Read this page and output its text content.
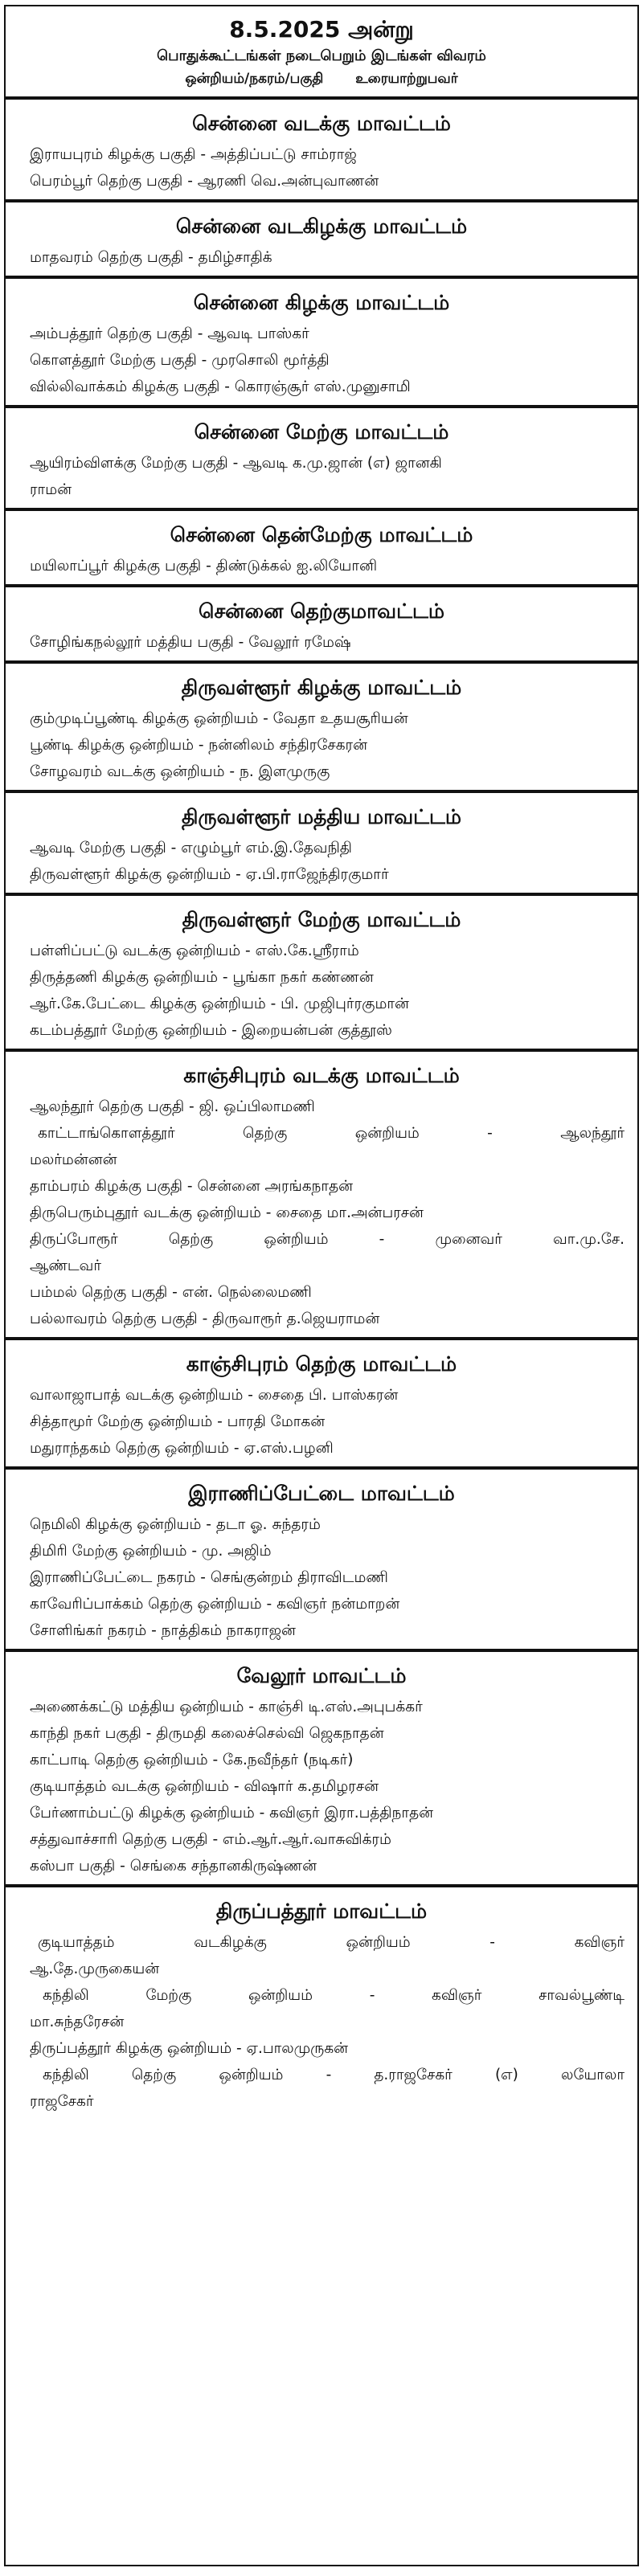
8.5.2025 அன்று
பொதுக்கூட்டங்கள் நடைபெறும் இடங்கள் விவரம்
ஒன்றியம்/நகரம்/பகுதி உரையாற்றுபவர்
சென்னை வடக்கு மாவட்டம்
இராயபுரம் கிழக்கு பகுதி - அத்திப்பட்டு சாம்ராஜ்
பெரம்பூர் தெற்கு பகுதி - ஆரணி வெ.அன்புவாணன்
சென்னை வடகிழக்கு மாவட்டம்
மாதவரம் தெற்கு பகுதி - தமிழ்சாதிக்
சென்னை கிழக்கு மாவட்டம்
அம்பத்தூர் தெற்கு பகுதி - ஆவடி பாஸ்கர்
கொளத்தூர் மேற்கு பகுதி - முரசொலி மூர்த்தி
வில்லிவாக்கம் கிழக்கு பகுதி - கொரஞ்சூர் எஸ்.முனுசாமி
சென்னை மேற்கு மாவட்டம்
ஆயிரம்விளக்கு மேற்கு பகுதி - ஆவடி க.மு.ஜான் (எ) ஜானகி
ராமன்
சென்னை தென்மேற்கு மாவட்டம்
மயிலாப்பூர் கிழக்கு பகுதி - திண்டுக்கல் ஐ.லியோனி
சென்னை தெற்குமாவட்டம்
சோழிங்கநல்லூர் மத்திய பகுதி - வேலூர் ரமேஷ்
திருவள்ளூர் கிழக்கு மாவட்டம்
கும்முடிப்பூண்டி கிழக்கு ஒன்றியம் - வேதா உதயசூரியன்
பூண்டி கிழக்கு ஒன்றியம் - நன்னிலம் சந்திரசேகரன்
சோழவரம் வடக்கு ஒன்றியம் - ந. இளமுருகு
திருவள்ளூர் மத்திய மாவட்டம்
ஆவடி மேற்கு பகுதி - எழும்பூர் எம்.இ.தேவநிதி
திருவள்ளூர் கிழக்கு ஒன்றியம் - ஏ.பி.ராஜேந்திரகுமார்
திருவள்ளூர் மேற்கு மாவட்டம்
பள்ளிப்பட்டு வடக்கு ஒன்றியம் - எஸ்.கே.ஸ்ரீராம்
திருத்தணி கிழக்கு ஒன்றியம் - பூங்கா நகர் கண்ணன்
ஆர்.கே.பேட்டை கிழக்கு ஒன்றியம் - பி. முஜிபுர்ரகுமான்
கடம்பத்தூர் மேற்கு ஒன்றியம் - இறையன்பன் குத்தூஸ்
காஞ்சிபுரம் வடக்கு மாவட்டம்
ஆலந்தூர் தெற்கு பகுதி - ஜி. ஒப்பிலாமணி
காட்டாங்கொளத்தூர் தெற்கு ஒன்றியம் - ஆலந்தூர்
மலர்மன்னன்
தாம்பரம் கிழக்கு பகுதி - சென்னை அரங்கநாதன்
திருபெரும்புதூர் வடக்கு ஒன்றியம் - சைதை மா.அன்பரசன்
திருப்போரூர் தெற்கு ஒன்றியம் - முனைவர் வா.மு.சே.
ஆண்டவர்
பம்மல் தெற்கு பகுதி - என். நெல்லைமணி
பல்லாவரம் தெற்கு பகுதி - திருவாரூர் த.ஜெயராமன்
காஞ்சிபுரம் தெற்கு மாவட்டம்
வாலாஜாபாத் வடக்கு ஒன்றியம் - சைதை பி. பாஸ்கரன்
சித்தாமூர் மேற்கு ஒன்றியம் - பாரதி மோகன்
மதுராந்தகம் தெற்கு ஒன்றியம் - ஏ.எஸ்.பழனி
இராணிப்பேட்டை மாவட்டம்
நெமிலி கிழக்கு ஒன்றியம் - தடா ஓ. சுந்தரம்
திமிரி மேற்கு ஒன்றியம் - மு. அஜிம்
இராணிப்பேட்டை நகரம் - செங்குன்றம் திராவிடமணி
காவேரிப்பாக்கம் தெற்கு ஒன்றியம் - கவிஞர் நன்மாறன்
சோளிங்கர் நகரம் - நாத்திகம் நாகராஜன்
வேலூர் மாவட்டம்
அணைக்கட்டு மத்திய ஒன்றியம் - காஞ்சி டி.எஸ்.அபுபக்கர்
காந்தி நகர் பகுதி - திருமதி கலைச்செல்வி ஜெகநாதன்
காட்பாடி தெற்கு ஒன்றியம் - கே.நவீந்தர் (நடிகர்)
குடியாத்தம் வடக்கு ஒன்றியம் - விஷார் க.தமிழரசன்
பேர்ணாம்பட்டு கிழக்கு ஒன்றியம் - கவிஞர் இரா.பத்திநாதன்
சத்துவாச்சாரி தெற்கு பகுதி - எம்.ஆர்.ஆர்.வாசுவிக்ரம்
கஸ்பா பகுதி - செங்கை சந்தானகிருஷ்ணன்
திருப்பத்தூர் மாவட்டம்
குடியாத்தம் வடகிழக்கு ஒன்றியம் - கவிஞர்
ஆ.தே.முருகையன்
கந்திலி மேற்கு ஒன்றியம் - கவிஞர் சாவல்பூண்டி
மா.சுந்தரேசன்
திருப்பத்தூர் கிழக்கு ஒன்றியம் - ஏ.பாலமுருகன்
கந்திலி தெற்கு ஒன்றியம் - த.ராஜசேகர் (எ) லயோலா
ராஜசேகர்
